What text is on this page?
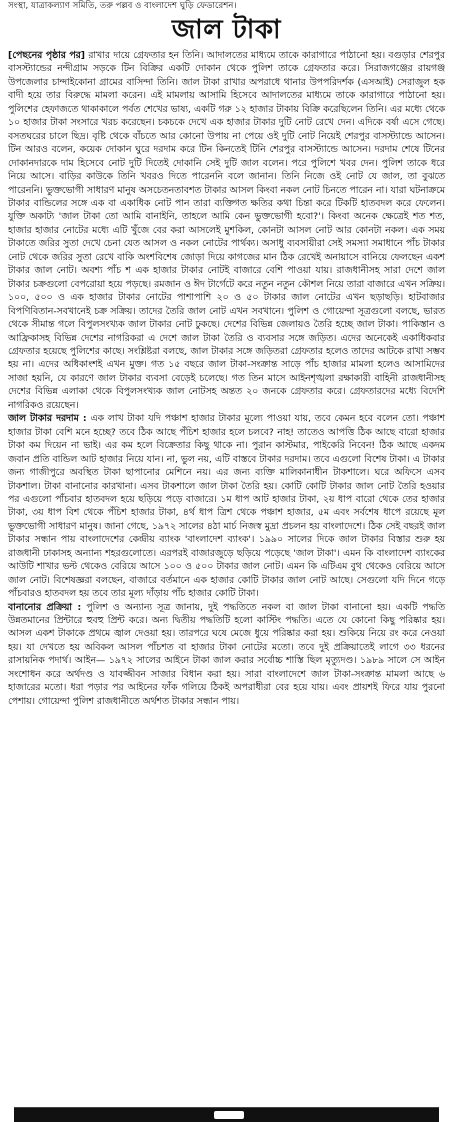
সংস্থা, যাত্রাকল্যাণ সমিতি, তরু পল্লব ও বাংলাদেশ ঘুড়ি ফেডারেশন।
জাল টাকা

[পেছনের পৃষ্ঠার পর] রাখার দায়ে গ্রেফতার হন তিনি। আদালতের মাধ্যমে তাকে কারাগারে পাঠানো হয়। বগুড়ার শেরপুর বাসস্ট্যান্ডের নন্দীগ্রাম সড়কে টিন বিক্রির একটি দোকান থেকে পুলিশ তাকে গ্রেফতার করে। সিরাজগঞ্জের রায়গঞ্জ উপজেলার চান্দাইকোনা গ্রামের বাসিন্দা তিনি। জাল টাকা রাখার অপরাধে থানার উপপরিদর্শক (এসআই) সেরাজুল হক বাদী হয়ে তার বিরুদ্ধে মামলা করেন। এই মামলায় আসামি হিসেবে আদালতের মাধ্যমে তাকে কারাগারে পাঠানো হয়। পুলিশের হেফাজতে থাকাকালে পর্বত শেখের ভাষ্য, একটি গরু ১২ হাজার টাকায় বিক্রি করেছিলেন তিনি। এর মধ্যে থেকে ১০ হাজার টাকা সংসারে খরচ করেছেন। চকচকে দেখে এক হাজার টাকার দুটি নোট রেখে দেন। এদিকে বর্ষা এসে গেছে। বসতঘরের চালে ছিদ্র। বৃষ্টি থেকে বাঁচতে আর কোনো উপায় না পেয়ে ওই দুটি নোট নিয়েই শেরপুর বাসস্ট্যান্ডে আসেন। টিন আরও বলেন, কয়েক দোকান ঘুরে দরদাম করে টিন কিনতেই টিনি শেরপুর বাসস্ট্যান্ডে আসেন। দরদাম শেষে টিনের দোকানদারকে দাম হিসেবে নোট দুটি দিতেই দোকানি সেই দুটি জাল বলেন। পরে পুলিশে খবর দেন। পুলিশ তাকে ধরে নিয়ে আসে। বাড়ির কাউকে তিনি খবরও দিতে পারেননি বলে জানান। তিনি নিজে ওই নোট যে জাল, তা বুঝতে পারেননি। ভুক্তভোগী সাধারণ মানুষ অসচেতনতাবশত টাকার আসল কিংবা নকল নোট চিনতে পারেন না। যারা ঘটনাক্রমে টাকার বান্ডিলের সঙ্গে এক বা একাধিক নোট পান তারা ব্যক্তিগত ক্ষতির কথা চিন্তা করে টিকটি হাতবদল করে ফেলেন। যুক্তি অকাট্য 'জাল টাকা তো আমি বানাইনি, তাহলে আমি কেন ভুক্তভোগী হবো?'। কিংবা অনেক ক্ষেত্রেই শত শত, হাজার হাজার নোটের মধ্যে এটি খুঁজে বের করা আসলেই মুশকিল, কোনটা আসল নোট আর কোনটা নকল। এক সময় টাকাতে জরির সুতা দেখে চেনা যেত আসল ও নকল নোটের পার্থক্য। অসাধু ব্যবসায়ীরা সেই সমস্যা সমাধানে পাঁচ টাকার নোট থেকে জরির সুতা রেখে বাকি অংশবিশেষ জোড়া দিয়ে কাগজের মান ঠিক রেখেই অনায়াসে বানিয়ে ফেলছেন একশ টাকার জাল নোট। অবশ্য পাঁচ শ এক হাজার টাকার নোটই বাজারে বেশি পাওয়া যায়। রাজধানীসহ সারা দেশে জাল টাকার চক্রগুলো বেপরোয়া হয়ে পড়ছে। রমজান ও ঈদ টার্গেটে করে নতুন নতুন কৌশল নিয়ে তারা বাজারে এখন সক্রিয়। ১০০, ৫০০ ও এক হাজার টাকার নোটের পাশাপাশি ২০ ও ৫০ টাকার জাল নোটের এখন ছড়াছড়ি। হাটবাজার বিপণিবিতান-সবখানেই চক্র সক্রিয়। তাদের তৈরি জাল নোট এখন সবখানে। পুলিশ ও গোয়েন্দা সূত্রগুলো বলছে, ভারত থেকে সীমান্ত গলে বিপুলসংখ্যক জাল টাকার নোট ঢুকছে। দেশের বিভিন্ন জেলায়ও তৈরি হচ্ছে জাল টাকা। পাকিস্তান ও আফ্রিকাসহ বিভিন্ন দেশের নাগরিকরা এ দেশে জাল টাকা তৈরি ও ব্যবসার সঙ্গে জড়িত। এদের অনেকেই একাধিকবার গ্রেফতার হয়েছে পুলিশের কাছে। সংশ্লিষ্টরা বলছে, জাল টাকার সঙ্গে জড়িতরা গ্রেফতার হলেও তাদের আটকে রাখা সম্ভব হয় না। এদের অধিকাংশই এখন মুক্ত। গত ১৫ বছরে জাল টাকা-সংক্রান্ত সাড়ে পাঁচ হাজার মামলা হলেও আসামিদের সাজা হয়নি, যে কারণে জাল টাকার ব্যবসা বেড়েই চলেছে। গত তিন মাসে আইনশৃঙ্খলা রক্ষাকারী বাহিনী রাজধানীসহ দেশের বিভিন্ন এলাকা থেকে বিপুলসংখ্যক জাল নোটসহ অন্তত ২০ জনকে গ্রেফতার করে। গ্রেফতারদের মধ্যে বিদেশি নাগরিকও রয়েছেন।

জাল টাকার দরদাম : এক লাখ টাকা যদি পঞ্চাশ হাজার টাকার মূল্যে পাওয়া যায়, তবে কেমন হবে বলেন তো। পঞ্চাশ হাজার টাকা বেশি মনে হচ্ছে? তবে ঠিক আছে পঁচিশ হাজার হলে চলবে? নাহ! তাতেও আপত্তি ঠিক আছে বারো হাজার টাকা কম দিয়েন না ভাই। এর কম হলে বিক্রেতার কিছু থাকে না। পুরান কাস্টমার, পাইকেরি নিবেন! ঠিক আছে একদম জবান প্রতি বান্ডিল আট হাজার নিয়ে যান। না, ভুল নয়, এটি বাস্তবে টাকার দরদাম। তবে এগুলো বিশেষ টাকা। এ টাকার জন্য গাজীপুরে অবস্থিত টাকা ছাপানোর মেশিনে নয়। এর জন্য ব্যক্তি মালিকানাধীন টাকশালে। ঘরে অফিসে এসব টাকশাল। টাকা বানানোর কারখানা। এসব টাকশালে জাল টাকা তৈরি হয়। কোটি কোটি টাকার জাল নোট তৈরি হওয়ার পর এগুলো পাঁচবার হাতবদল হয়ে ছড়িয়ে পড়ে বাজারে। ১ম ধাপ আট হাজার টাকা, ২য় ধাপ বারো থেকে তের হাজার টাকা, ৩য় ধাপ বিশ থেকে পঁচিশ হাজার টাকা, ৪র্থ ধাপ ত্রিশ থেকে পঞ্চাশ হাজার, ৫ম এবং সর্বশেষ ধাপে রয়েছে মূল ভুক্তভোগী সাধারণ মানুষ। জানা গেছে, ১৯৭২ সালের ৪ঠা মার্চ নিজস্ব মুদ্রা প্রচলন হয় বাংলাদেশে। ঠিক সেই বছরই জাল টাকার সন্ধান পায় বাংলাদেশের কেন্দ্রীয় ব্যাংক 'বাংলাদেশ ব্যাংক'। ১৯৯০ সালের দিকে জাল টাকার বিস্তার শুরু হয় রাজধানী ঢাকাসহ অন্যান্য শহরগুলোতে। এরপরই বাজারজুড়ে ছড়িয়ে পড়েছে 'জাল টাকা'। এমন কি বাংলাদেশ ব্যাংকের আউটি শাখার ভল্ট থেকেও বেরিয়ে আসে ১০০ ও ৫০০ টাকার জাল নোট। এমন কি এটিএম বুথ থেকেও বেরিয়ে আসে জাল নোট। বিশেষজ্ঞরা বলছেন, বাজারে বর্তমানে এক হাজার কোটি টাকার জাল নোট আছে। সেগুলো যদি দিনে গড়ে পাঁচবারও হাতবদল হয় তবে তার মূল্য দাঁড়ায় পাঁচ হাজার কোটি টাকা।

বানানোর প্রক্রিয়া : পুলিশ ও অন্যান্য সূত্র জানায়, দুই পদ্ধতিতে নকল বা জাল টাকা বানানো হয়। একটি পদ্ধতি উন্নতমানের প্রিন্টারে হুবহু প্রিন্ট করে। অন্য দ্বিতীয় পদ্ধতিটি হলো কাস্টিং পদ্ধতি। এতে যে কোনো কিছু পরিষ্কার হয়। আসল একশ টাকাকে প্রথমে জ্বাল দেওয়া হয়। তারপরে ঘষে মেজে ধুয়ে পরিষ্কার করা হয়। শুকিয়ে নিয়ে রং করে নেওয়া হয়। যা দেখতে হয় অবিকল আসল পাঁচশত বা হাজার টাকা নোটের মতো। তবে দুই প্রক্রিয়াতেই লাগে ৩৩ ধরনের রাসায়নিক পদার্থ। আইন— ১৯৭২ সালের আইনে টাকা জাল করার সর্বোচ্চ শাস্তি ছিল মৃত্যুদণ্ড। ১৯৮৯ সালে সে আইন সংশোধন করে অর্থদণ্ড ও যাবজ্জীবন সাজার বিধান করা হয়। সারা বাংলাদেশে জাল টাকা-সংক্রান্ত মামলা আছে ৬ হাজারের মতো। ধরা পড়ার পর আইনের ফাঁক গলিয়ে ঠিকই অপরাধীরা বের হয়ে যায়। এবং প্রায়শই ফিরে যায় পুরনো পেশায়। গোয়েন্দা পুলিশ রাজধানীতে অর্থশত টাকার সন্ধান পায়।
